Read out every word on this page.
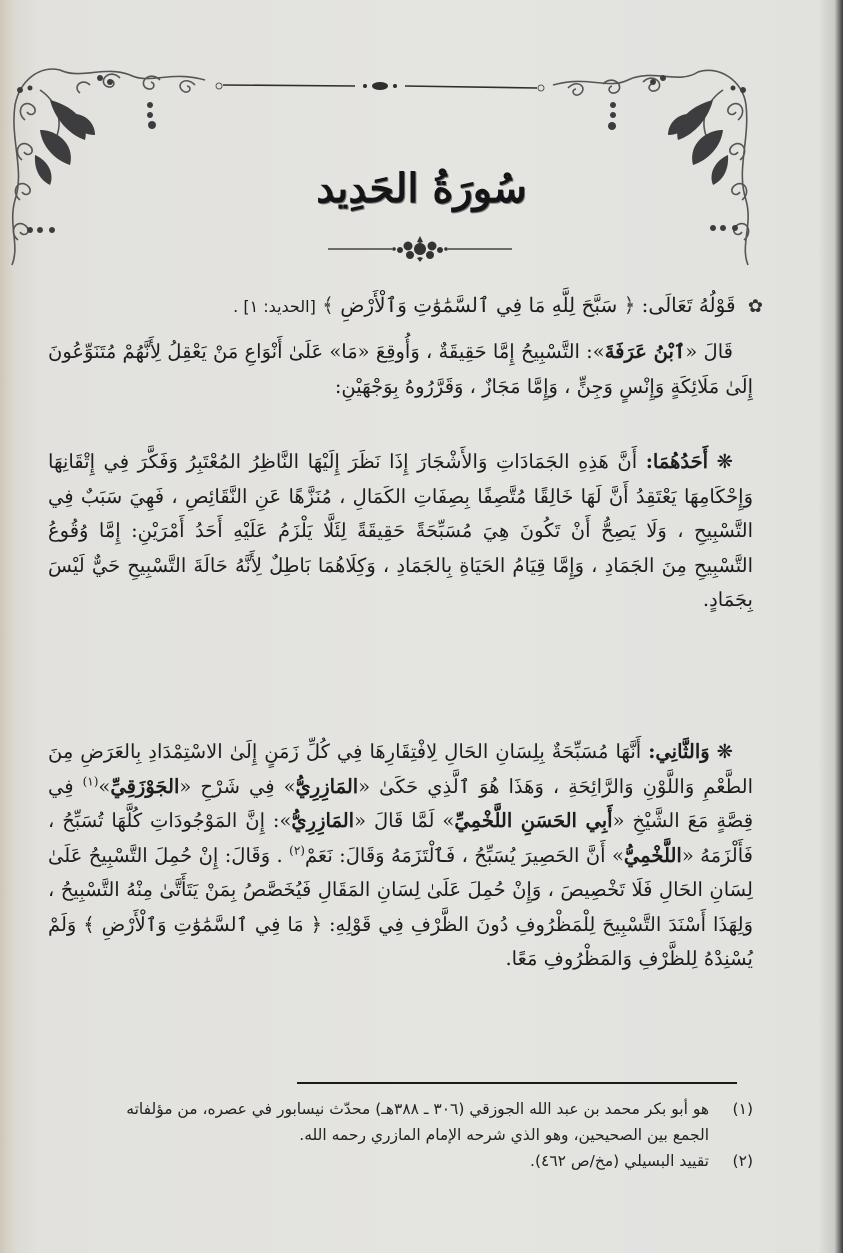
سُورَةُ الحَدِيد
✿ قَوْلُهُ تَعَالَى: ﴿ سَبَّحَ لِلَّهِ مَا فِي ٱلسَّمَٰوَٰتِ وَٱلْأَرْضِ ﴾ [الحديد: ١] .

قَالَ «ٱبْنُ عَرَفَةَ»: التَّسْبِيحُ إِمَّا حَقِيقَةٌ ، وَأُوقِعَ «مَا» عَلَىٰ أَنْوَاعِ مَنْ يَعْقِلُ لِأَنَّهُمْ مُتَنَوِّعُونَ إِلَىٰ مَلَائِكَةٍ وَإِنْسٍ وَجِنٍّ ، وَإِمَّا مَجَازٌ ، وَقَرَّرُوهُ بِوَجْهَيْنِ:

❋ أَحَدُهُمَا: أَنَّ هَذِهِ الجَمَادَاتِ وَالأَشْجَارَ إِذَا نَظَرَ إِلَيْهَا النَّاظِرُ المُعْتَبِرُ وَفَكَّرَ فِي إِتْقَانِهَا وَإِحْكَامِهَا يَعْتَقِدُ أَنَّ لَهَا خَالِقًا مُتَّصِفًا بِصِفَاتِ الكَمَالِ ، مُنَزَّهًا عَنِ النَّقَائِصِ ، فَهِيَ سَبَبٌ فِي التَّسْبِيحِ ، وَلَا يَصِحُّ أَنْ تَكُونَ هِيَ مُسَبِّحَةً حَقِيقَةً لِئَلَّا يَلْزَمُ عَلَيْهِ أَحَدُ أَمْرَيْنِ: إِمَّا وُقُوعُ التَّسْبِيحِ مِنَ الجَمَادِ ، وَإِمَّا قِيَامُ الحَيَاةِ بِالجَمَادِ ، وَكِلَاهُمَا بَاطِلٌ لِأَنَّهُ حَالَةَ التَّسْبِيحِ حَيٌّ لَيْسَ بِجَمَادٍ.

❋ وَالثَّانِي: أَنَّهَا مُسَبِّحَةٌ بِلِسَانِ الحَالِ لِافْتِقَارِهَا فِي كُلِّ زَمَنٍ إِلَىٰ الاسْتِمْدَادِ بِالعَرَضِ مِنَ الطَّعْمِ وَاللَّوْنِ وَالرَّائِحَةِ ، وَهَذَا هُوَ ٱلَّذِي حَكَىٰ «المَازِرِيُّ» فِي شَرْحِ «الجَوْزَقِيِّ»$^{(١)}$ فِي قِصَّةٍ مَعَ الشَّيْخِ «أَبِي الحَسَنِ اللَّخْمِيِّ» لَمَّا قَالَ «المَازِرِيُّ»: إِنَّ المَوْجُودَاتِ كُلَّهَا تُسَبِّحُ ، فَأَلْزَمَهُ «اللَّخْمِيُّ» أَنَّ الحَصِيرَ يُسَبِّحُ ، فَٱلْتَزَمَهُ وَقَالَ: نَعَمْ$^{(٢)}$ . وَقَالَ: إِنْ حُمِلَ التَّسْبِيحُ عَلَىٰ لِسَانِ الحَالِ فَلَا تَخْصِيصَ ، وَإِنْ حُمِلَ عَلَىٰ لِسَانِ المَقَالِ فَيُخَصَّصُ بِمَنْ يَتَأَتَّىٰ مِنْهُ التَّسْبِيحُ ، وَلِهَذَا أَسْنَدَ التَّسْبِيحَ لِلْمَظْرُوفِ دُونَ الظَّرْفِ فِي قَوْلِهِ: ﴿ مَا فِي ٱلسَّمَٰوَٰتِ وَٱلْأَرْضِ ﴾ وَلَمْ يُسْنِدْهُ لِلظَّرْفِ وَالمَظْرُوفِ مَعًا.

(١)
هو أبو بكر محمد بن عبد الله الجوزقي (٣٠٦ ـ ٣٨٨هـ) محدّث نيسابور في عصره، من مؤلفاته
الجمع بين الصحيحين، وهو الذي شرحه الإمام المازري رحمه الله.
(٢)
تقييد البسيلي (مخ/ص ٤٦٢).
